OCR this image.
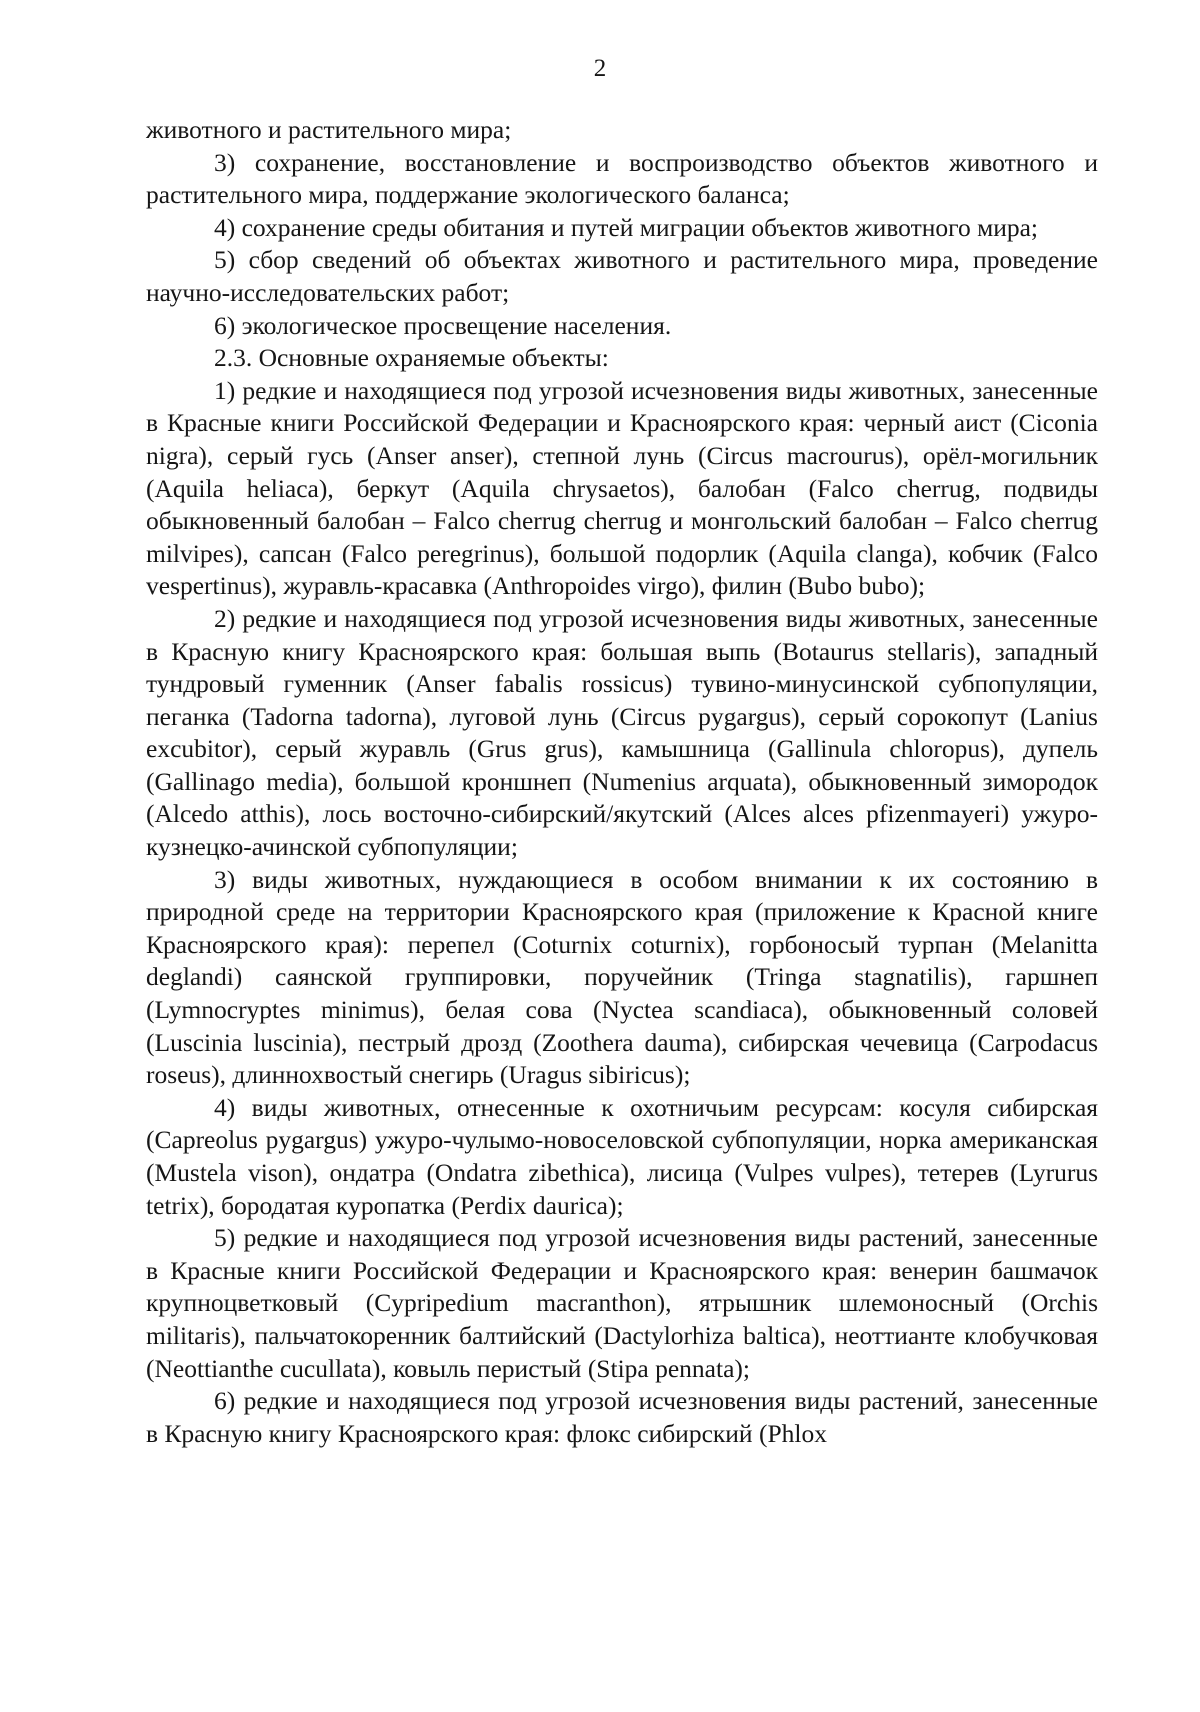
2

животного и растительного мира;

3) сохранение, восстановление и воспроизводство объектов животного и растительного мира, поддержание экологического баланса;

4) сохранение среды обитания и путей миграции объектов животного мира;

5) сбор сведений об объектах животного и растительного мира, проведение научно-исследовательских работ;

6) экологическое просвещение населения.

2.3. Основные охраняемые объекты:

1) редкие и находящиеся под угрозой исчезновения виды животных, занесенные в Красные книги Российской Федерации и Красноярского края: черный аист (Ciconia nigra), серый гусь (Anser anser), степной лунь (Circus macrourus), орёл-могильник (Aquila heliaca), беркут (Aquila chrysaetos), балобан (Falco cherrug, подвиды обыкновенный балобан – Falco cherrug cherrug и монгольский балобан – Falco cherrug milvipes), сапсан (Falco peregrinus), большой подорлик (Aquila clanga), кобчик (Falco vespertinus), журавль-красавка (Anthropoides virgo), филин (Bubo bubo);

2) редкие и находящиеся под угрозой исчезновения виды животных, занесенные в Красную книгу Красноярского края: большая выпь (Botaurus stellaris), западный тундровый гуменник (Anser fabalis rossicus) тувино-минусинской субпопуляции, пеганка (Tadorna tadorna), луговой лунь (Circus pygargus), серый сорокопут (Lanius excubitor), серый журавль (Grus grus), камышница (Gallinula chloropus), дупель (Gallinago media), большой кроншнеп (Numenius arquata), обыкновенный зимородок (Alcedo atthis), лось восточно-сибирский/якутский (Alces alces pfizenmayeri) ужуро-кузнецко-ачинской субпопуляции;

3) виды животных, нуждающиеся в особом внимании к их состоянию в природной среде на территории Красноярского края (приложение к Красной книге Красноярского края): перепел (Coturnix coturnix), горбоносый турпан (Melanitta deglandi) саянской группировки, поручейник (Tringa stagnatilis), гаршнеп (Lymnocryptes minimus), белая сова (Nyctea scandiaca), обыкновенный соловей (Luscinia luscinia), пестрый дрозд (Zoothera dauma), сибирская чечевица (Carpodacus roseus), длиннохвостый снегирь (Uragus sibiricus);

4) виды животных, отнесенные к охотничьим ресурсам: косуля сибирская (Capreolus pygargus) ужуро-чулымо-новоселовской субпопуляции, норка американская (Mustela vison), ондатра (Ondatra zibethica), лисица (Vulpes vulpes), тетерев (Lyrurus tetrix), бородатая куропатка (Perdix daurica);

5) редкие и находящиеся под угрозой исчезновения виды растений, занесенные в Красные книги Российской Федерации и Красноярского края: венерин башмачок крупноцветковый (Cypripedium macranthon), ятрышник шлемоносный (Orchis militaris), пальчатокоренник балтийский (Dactylorhiza baltica), неоттианте клобучковая (Neottianthe cucullata), ковыль перистый (Stipa pennata);

6) редкие и находящиеся под угрозой исчезновения виды растений, занесенные в Красную книгу Красноярского края: флокс сибирский (Phlox
